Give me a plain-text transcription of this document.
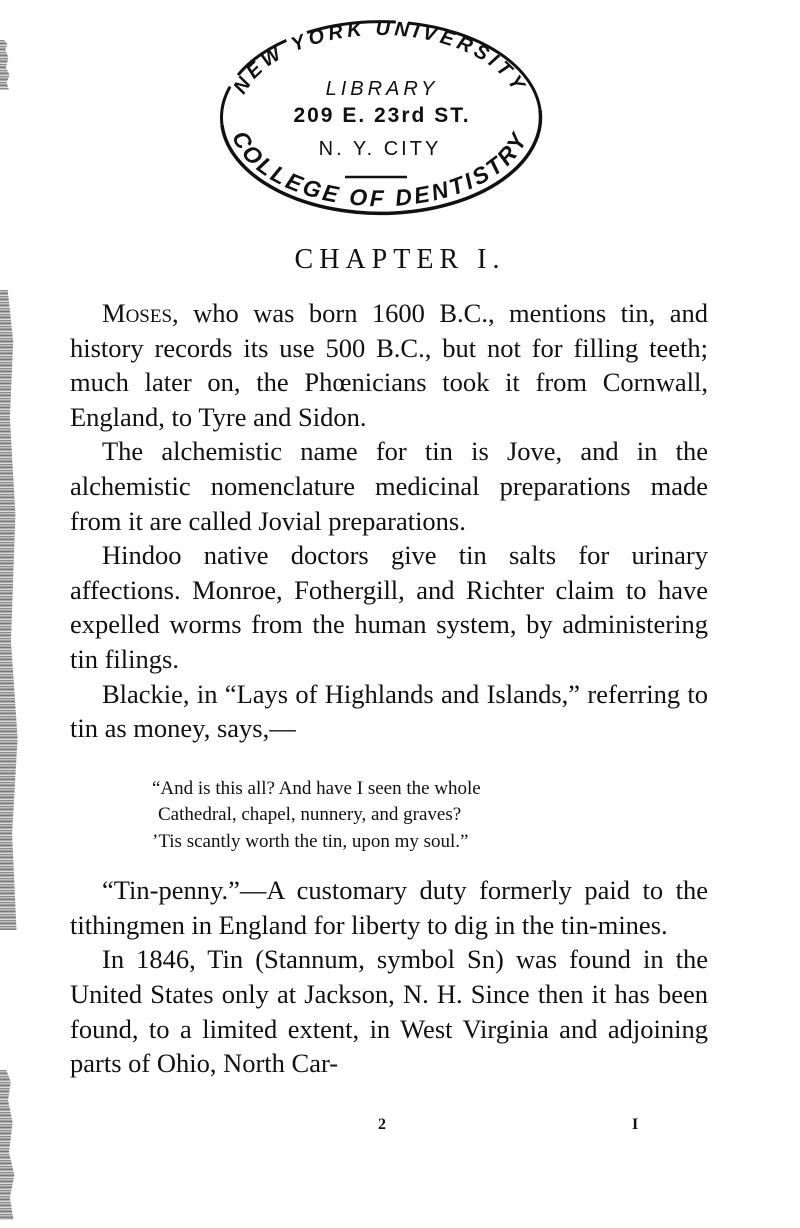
NEW YORK UNIVERSITY
LIBRARY
209 E. 23rd ST.
N. Y. CITY
COLLEGE OF DENTISTRY
CHAPTER I.

Moses, who was born 1600 B.C., mentions tin, and history records its use 500 B.C., but not for filling teeth; much later on, the Phœnicians took it from Cornwall, England, to Tyre and Sidon.

The alchemistic name for tin is Jove, and in the alchemistic nomenclature medicinal preparations made from it are called Jovial preparations.

Hindoo native doctors give tin salts for urinary affections. Monroe, Fothergill, and Richter claim to have expelled worms from the human system, by administering tin filings.

Blackie, in “Lays of Highlands and Islands,” referring to tin as money, says,—

“And is this all? And have I seen the whole
Cathedral, chapel, nunnery, and graves?
’Tis scantly worth the tin, upon my soul.”

“Tin-penny.”—A customary duty formerly paid to the tithingmen in England for liberty to dig in the tin-mines.

In 1846, Tin (Stannum, symbol Sn) was found in the United States only at Jackson, N. H. Since then it has been found, to a limited extent, in West Virginia and adjoining parts of Ohio, North Car-

2	I
